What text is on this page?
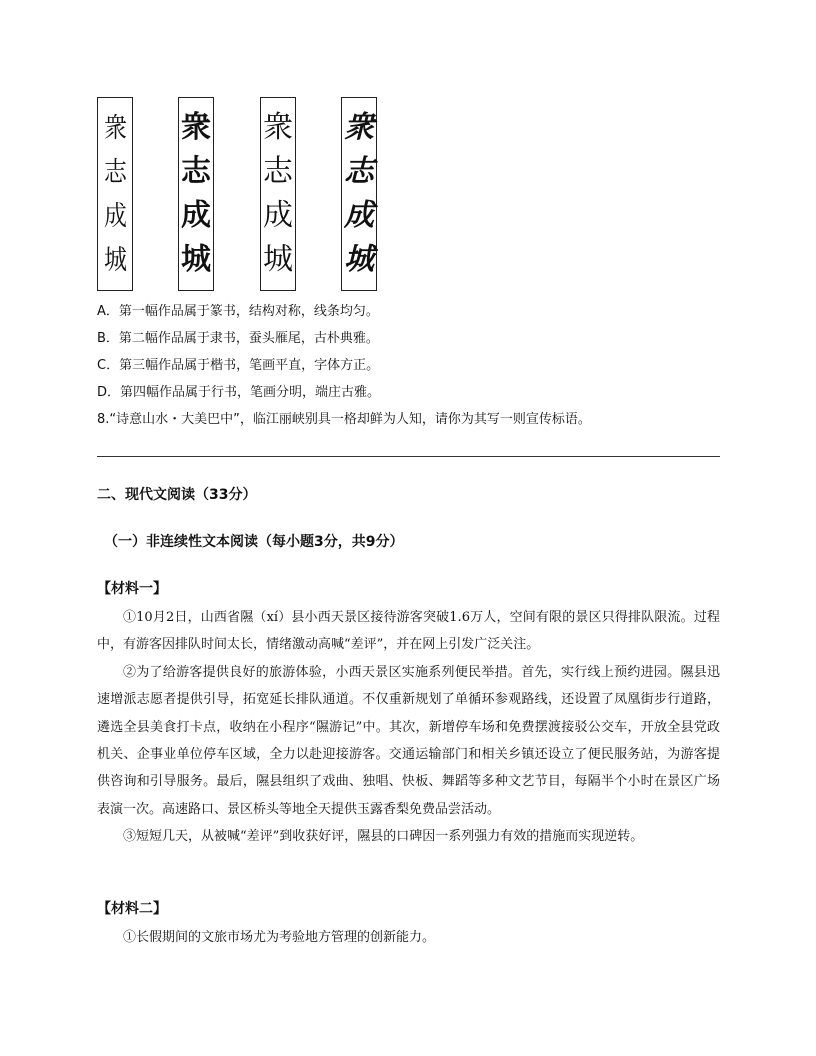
衆
志
成
城
衆
志
成
城
衆
志
成
城
衆
志
成
城
A．第一幅作品属于篆书，结构对称，线条均匀。
B．第二幅作品属于隶书，蚕头雁尾，古朴典雅。
C．第三幅作品属于楷书，笔画平直，字体方正。
D．第四幅作品属于行书，笔画分明，端庄古雅。
8.“诗意山水・大美巴中”，临江丽峡别具一格却鲜为人知，请你为其写一则宣传标语。
二、现代文阅读（33分）
（一）非连续性文本阅读（每小题3分，共9分）
【材料一】

①10月2日，山西省隰（xí）县小西天景区接待游客突破1.6万人，空间有限的景区只得排队限流。过程中，有游客因排队时间太长，情绪激动高喊“差评”，并在网上引发广泛关注。

②为了给游客提供良好的旅游体验，小西天景区实施系列便民举措。首先，实行线上预约进园。隰县迅速增派志愿者提供引导，拓宽延长排队通道。不仅重新规划了单循环参观路线，还设置了凤凰街步行道路，遴选全县美食打卡点，收纳在小程序“隰游记”中。其次，新增停车场和免费摆渡接驳公交车，开放全县党政机关、企事业单位停车区域，全力以赴迎接游客。交通运输部门和相关乡镇还设立了便民服务站，为游客提供咨询和引导服务。最后，隰县组织了戏曲、独唱、快板、舞蹈等多种文艺节目，每隔半个小时在景区广场表演一次。高速路口、景区桥头等地全天提供玉露香梨免费品尝活动。

③短短几天，从被喊“差评”到收获好评，隰县的口碑因一系列强力有效的措施而实现逆转。

【材料二】

①长假期间的文旅市场尤为考验地方管理的创新能力。
